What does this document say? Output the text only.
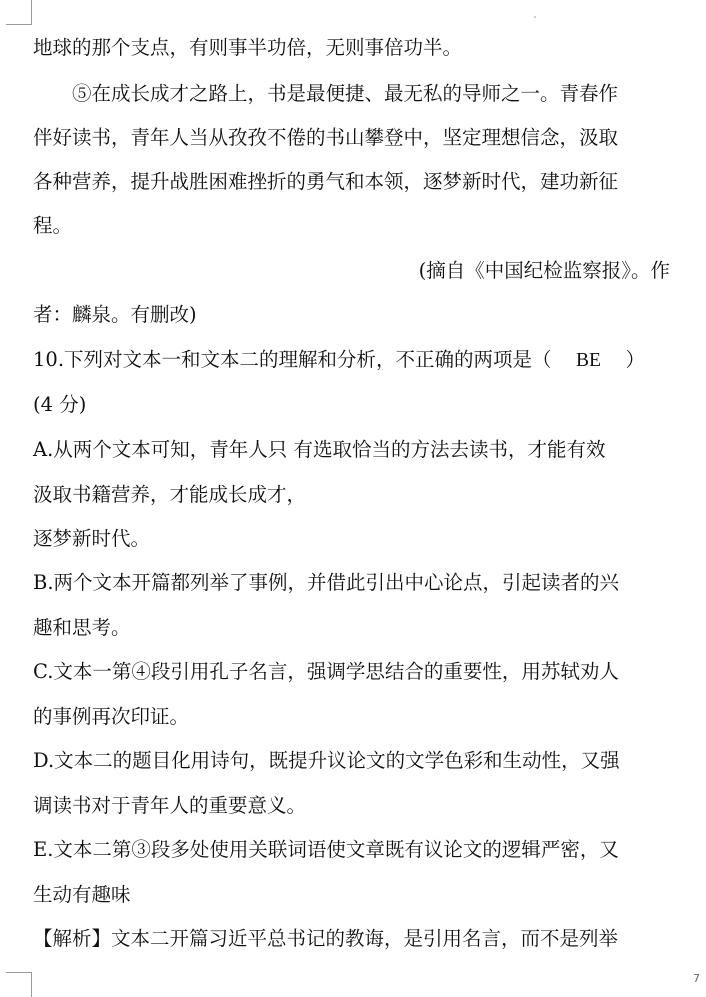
地球的那个支点，有则事半功倍，无则事倍功半。
⑤在成长成才之路上，书是最便捷、最无私的导师之一。青春作
伴好读书，青年人当从孜孜不倦的书山攀登中，坚定理想信念，汲取
各种营养，提升战胜困难挫折的勇气和本领，逐梦新时代，建功新征
程。
(摘自《中国纪检监察报》。作
者：麟泉。有删改)
10.下列对文本一和文本二的理解和分析，不正确的两项是（ BE ）
(4 分)
A.从两个文本可知，青年人只 有选取恰当的方法去读书，才能有效
汲取书籍营养，才能成长成才，
逐梦新时代。
B.两个文本开篇都列举了事例，并借此引出中心论点，引起读者的兴
趣和思考。
C.文本一第④段引用孔子名言，强调学思结合的重要性，用苏轼劝人
的事例再次印证。
D.文本二的题目化用诗句，既提升议论文的文学色彩和生动性，又强
调读书对于青年人的重要意义。
E.文本二第③段多处使用关联词语使文章既有议论文的逻辑严密，又
生动有趣味
【解析】文本二开篇习近平总书记的教诲，是引用名言，而不是列举
7
